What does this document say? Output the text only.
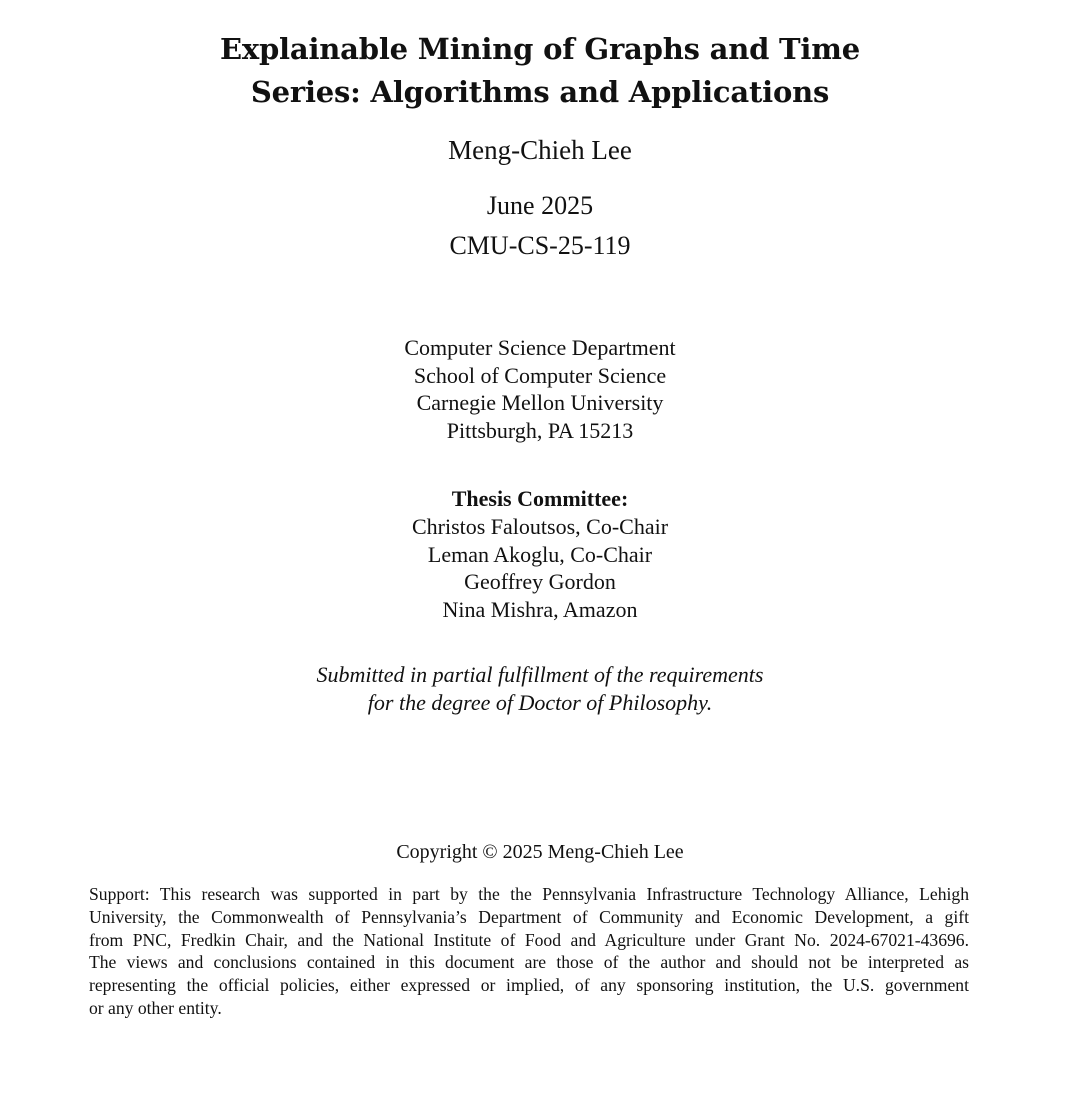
Explainable Mining of Graphs and Time
Series: Algorithms and Applications
Meng-Chieh Lee
June 2025
CMU-CS-25-119
Computer Science Department
School of Computer Science
Carnegie Mellon University
Pittsburgh, PA 15213
Thesis Committee:
Christos Faloutsos, Co-Chair
Leman Akoglu, Co-Chair
Geoffrey Gordon
Nina Mishra, Amazon
Submitted in partial fulfillment of the requirements
for the degree of Doctor of Philosophy.
Copyright © 2025 Meng-Chieh Lee
Support: This research was supported in part by the the Pennsylvania Infrastructure Technology Alliance, Lehigh
University, the Commonwealth of Pennsylvania’s Department of Community and Economic Development, a gift
from PNC, Fredkin Chair, and the National Institute of Food and Agriculture under Grant No. 2024-67021-43696.
The views and conclusions contained in this document are those of the author and should not be interpreted as
representing the official policies, either expressed or implied, of any sponsoring institution, the U.S. government
or any other entity.
